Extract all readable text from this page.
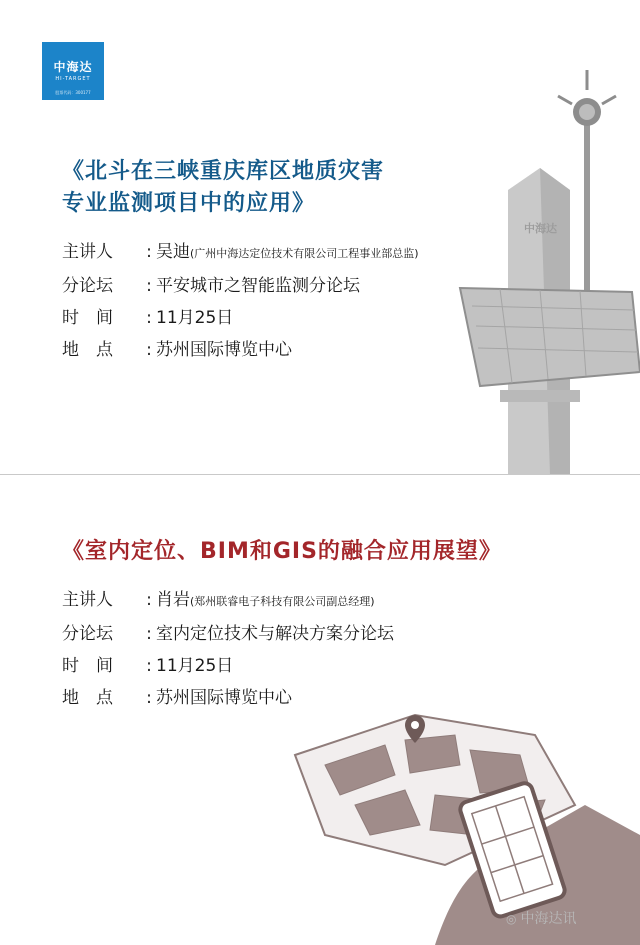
中海达
HI-TARGET
股票代码：300177
中海达
《北斗在三峡重庆库区地质灾害
专业监测项目中的应用》
主讲人 : 吴迪(广州中海达定位技术有限公司工程事业部总监)
分论坛 : 平安城市之智能监测分论坛
时　间 : 11月25日
地　点 : 苏州国际博览中心
《室内定位、BIM和GIS的融合应用展望》
主讲人 : 肖岩(郑州联睿电子科技有限公司副总经理)
分论坛 : 室内定位技术与解决方案分论坛
时　间 : 11月25日
地　点 : 苏州国际博览中心
◎ 中海达讯
